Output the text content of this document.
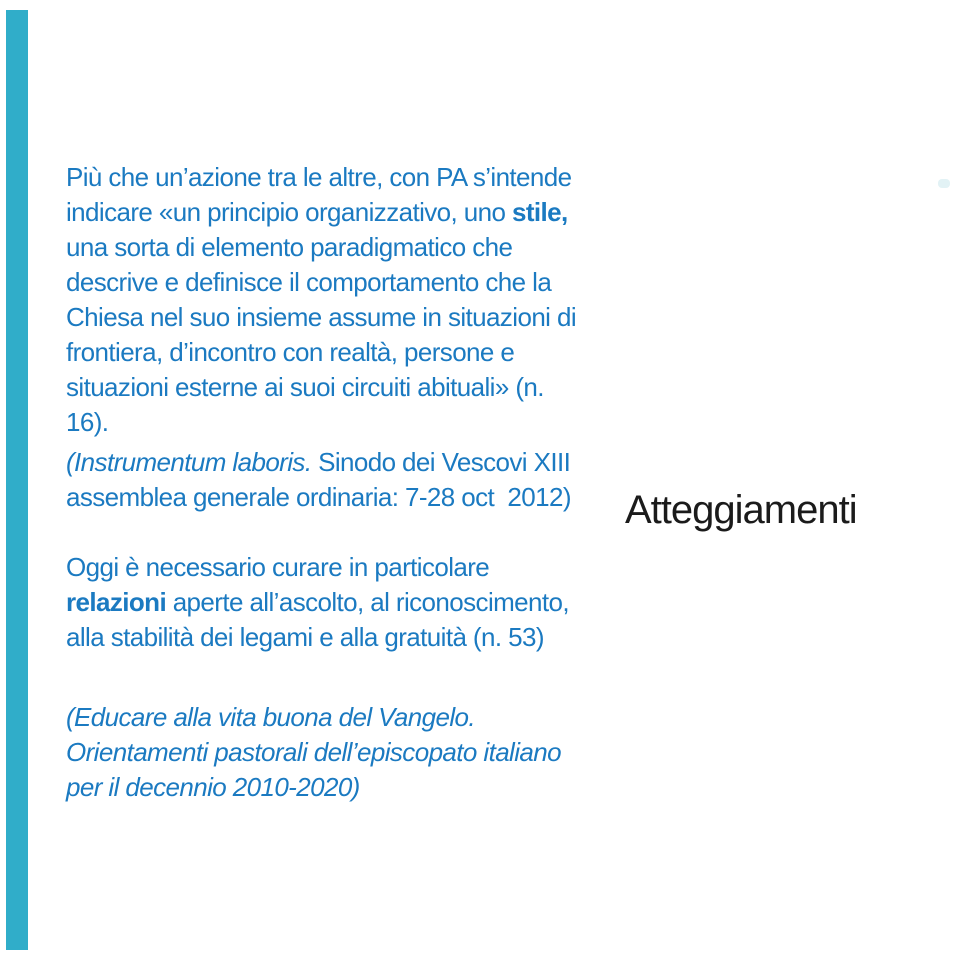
Più che un’azione tra le altre, con PA s’intende
indicare «un principio organizzativo, uno stile,
una sorta di elemento paradigmatico che
descrive e definisce il comportamento che la
Chiesa nel suo insieme assume in situazioni di
frontiera, d’incontro con realtà, persone e
situazioni esterne ai suoi circuiti abituali» (n.
16).
(Instrumentum laboris. Sinodo dei Vescovi XIII
assemblea generale ordinaria: 7-28 oct  2012)
Oggi è necessario curare in particolare
relazioni aperte all’ascolto, al riconoscimento,
alla stabilità dei legami e alla gratuità (n. 53)
(Educare alla vita buona del Vangelo.
Orientamenti pastorali dell’episcopato italiano
per il decennio 2010-2020)
Atteggiamenti
